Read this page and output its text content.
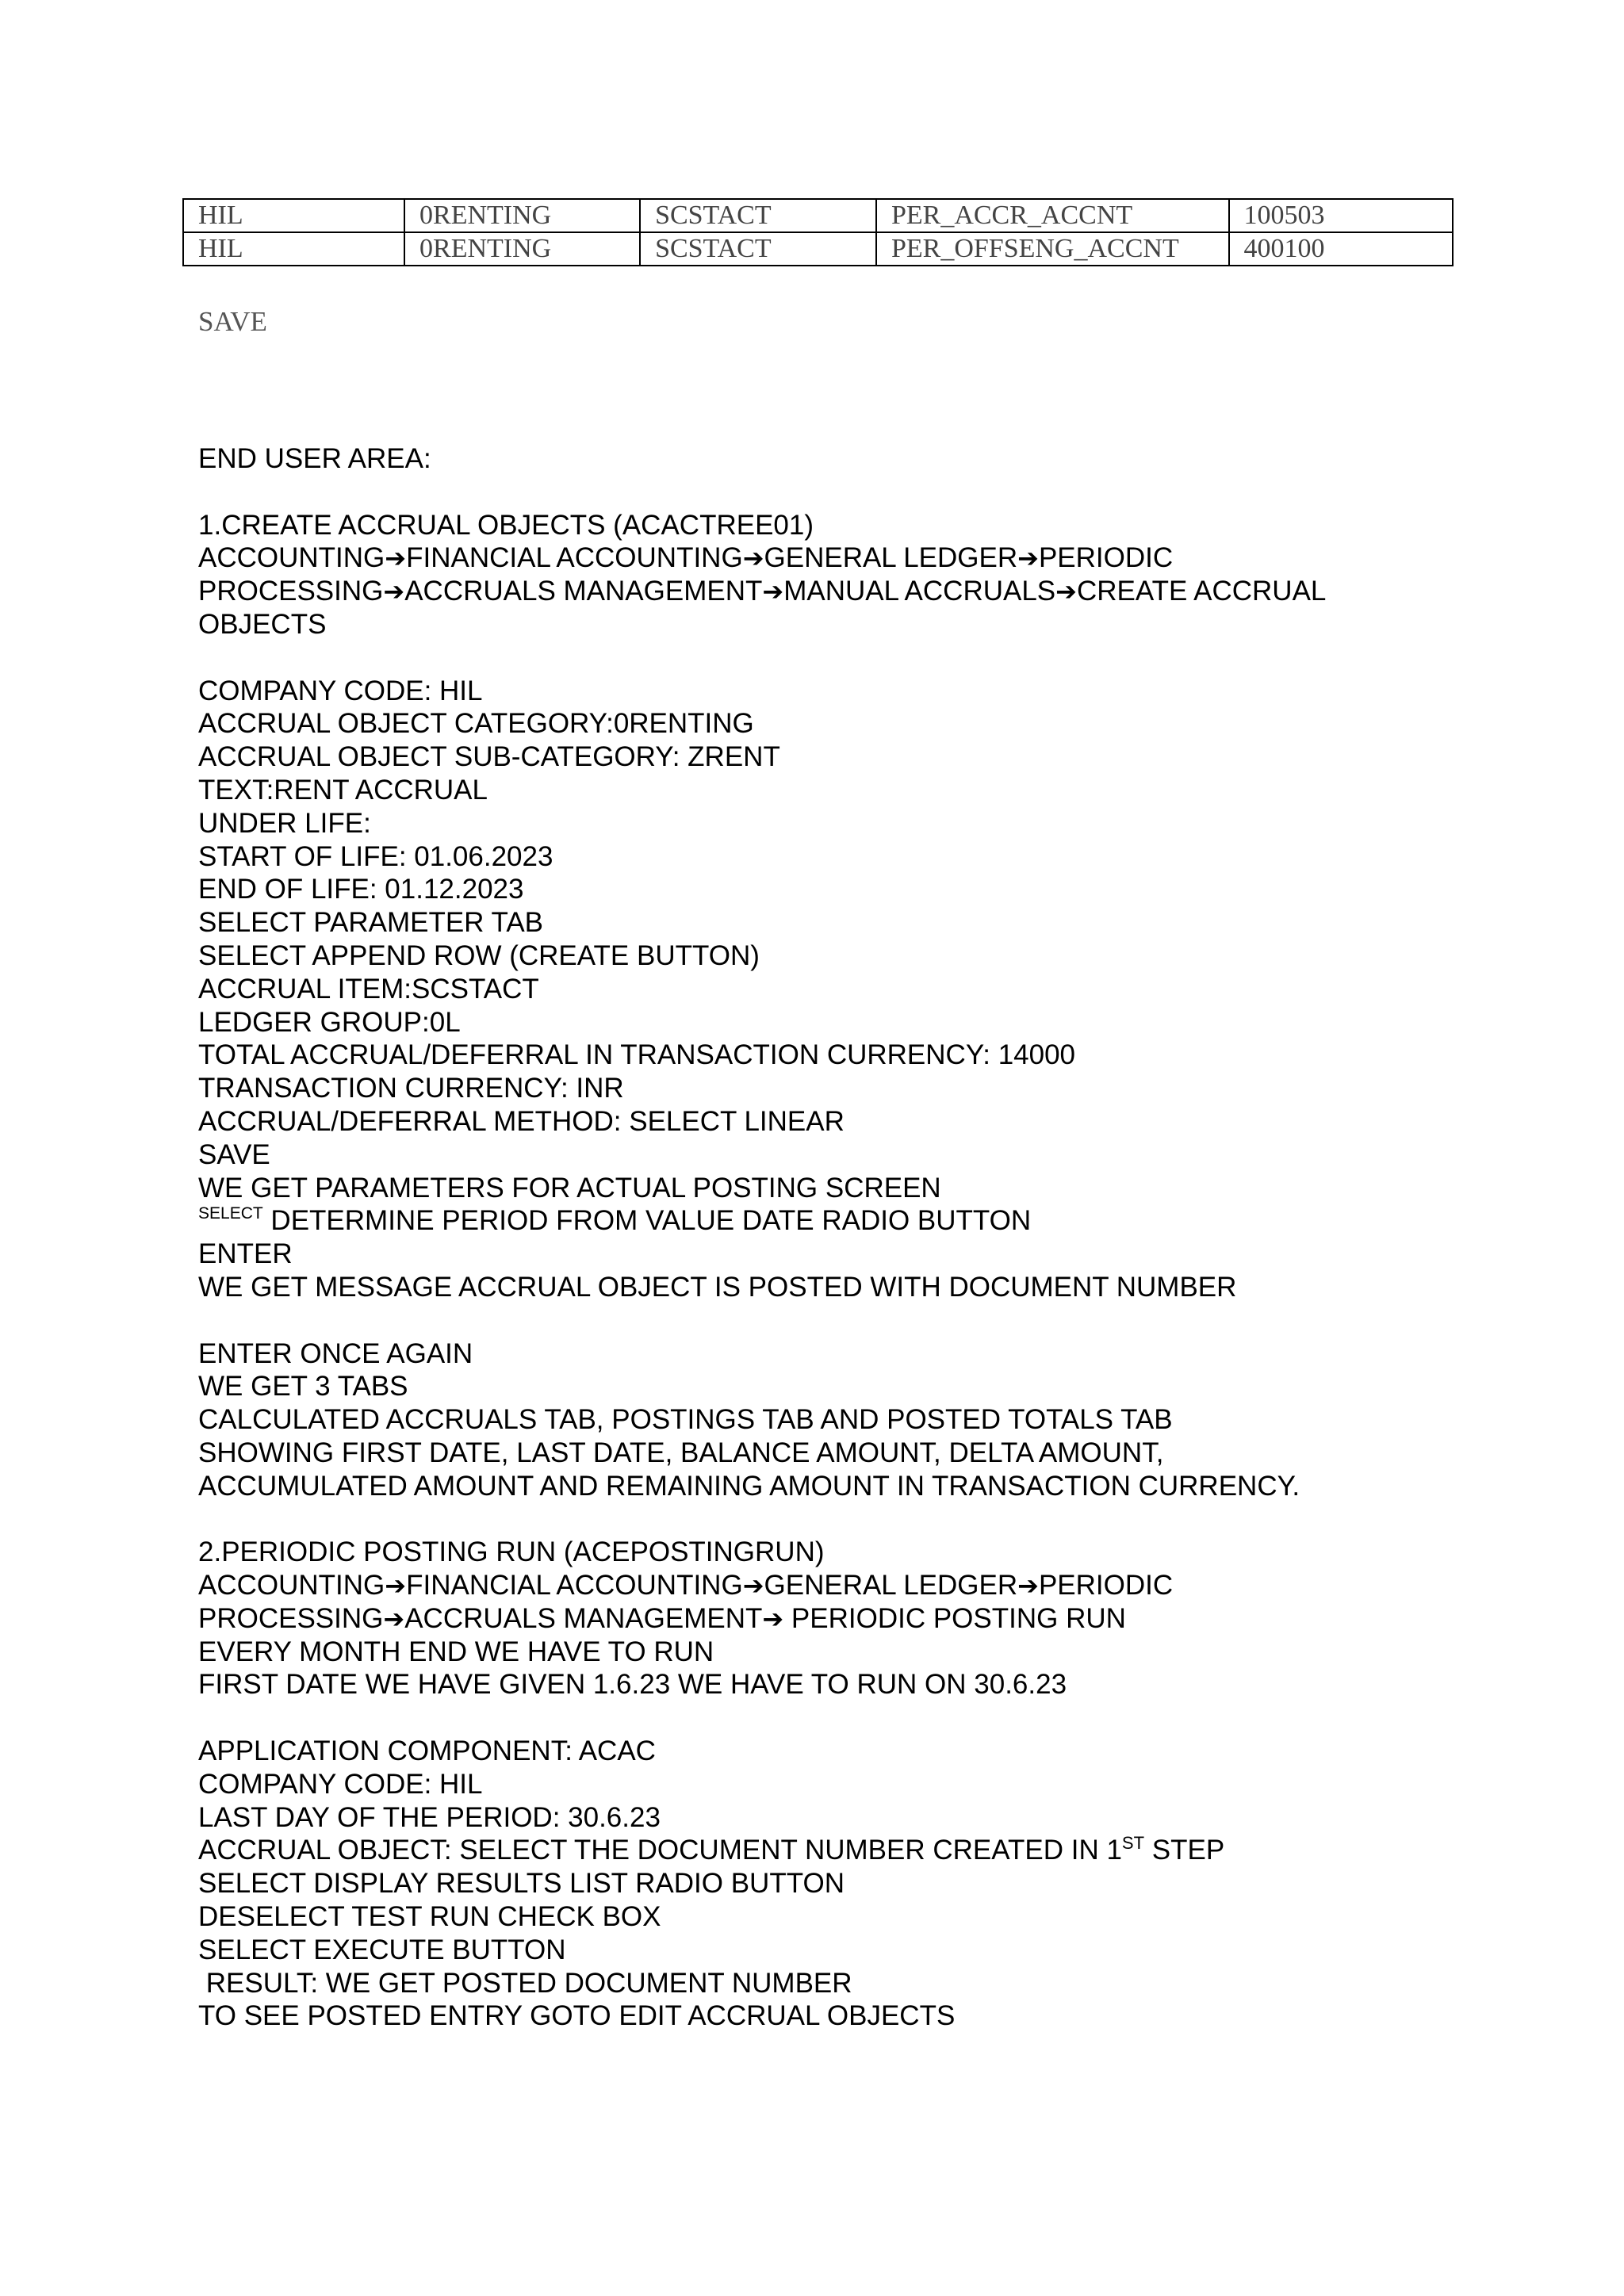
HIL	0RENTING	SCSTACT	PER_ACCR_ACCNT	100503
HIL	0RENTING	SCSTACT	PER_OFFSENG_ACCNT	400100
SAVE
END USER AREA:
1.CREATE ACCRUAL OBJECTS (ACACTREE01)
ACCOUNTING➔FINANCIAL ACCOUNTING➔GENERAL LEDGER➔PERIODIC
PROCESSING➔ACCRUALS MANAGEMENT➔MANUAL ACCRUALS➔CREATE ACCRUAL
OBJECTS
COMPANY CODE: HIL
ACCRUAL OBJECT CATEGORY:0RENTING
ACCRUAL OBJECT SUB-CATEGORY: ZRENT
TEXT:RENT ACCRUAL
UNDER LIFE:
START OF LIFE: 01.06.2023
END OF LIFE: 01.12.2023
SELECT PARAMETER TAB
SELECT APPEND ROW (CREATE BUTTON)
ACCRUAL ITEM:SCSTACT
LEDGER GROUP:0L
TOTAL ACCRUAL/DEFERRAL IN TRANSACTION CURRENCY: 14000
TRANSACTION CURRENCY: INR
ACCRUAL/DEFERRAL METHOD: SELECT LINEAR
SAVE
WE GET PARAMETERS FOR ACTUAL POSTING SCREEN
$^{SELECT}$ DETERMINE PERIOD FROM VALUE DATE RADIO BUTTON
ENTER
WE GET MESSAGE ACCRUAL OBJECT IS POSTED WITH DOCUMENT NUMBER
ENTER ONCE AGAIN
WE GET 3 TABS
CALCULATED ACCRUALS TAB, POSTINGS TAB AND POSTED TOTALS TAB
SHOWING FIRST DATE, LAST DATE, BALANCE AMOUNT, DELTA AMOUNT,
ACCUMULATED AMOUNT AND REMAINING AMOUNT IN TRANSACTION CURRENCY.
2.PERIODIC POSTING RUN (ACEPOSTINGRUN)
ACCOUNTING➔FINANCIAL ACCOUNTING➔GENERAL LEDGER➔PERIODIC
PROCESSING➔ACCRUALS MANAGEMENT➔ PERIODIC POSTING RUN
EVERY MONTH END WE HAVE TO RUN
FIRST DATE WE HAVE GIVEN 1.6.23 WE HAVE TO RUN ON 30.6.23
APPLICATION COMPONENT: ACAC
COMPANY CODE: HIL
LAST DAY OF THE PERIOD: 30.6.23
ACCRUAL OBJECT: SELECT THE DOCUMENT NUMBER CREATED IN 1ST STEP
SELECT DISPLAY RESULTS LIST RADIO BUTTON
DESELECT TEST RUN CHECK BOX
SELECT EXECUTE BUTTON
RESULT: WE GET POSTED DOCUMENT NUMBER
TO SEE POSTED ENTRY GOTO EDIT ACCRUAL OBJECTS
